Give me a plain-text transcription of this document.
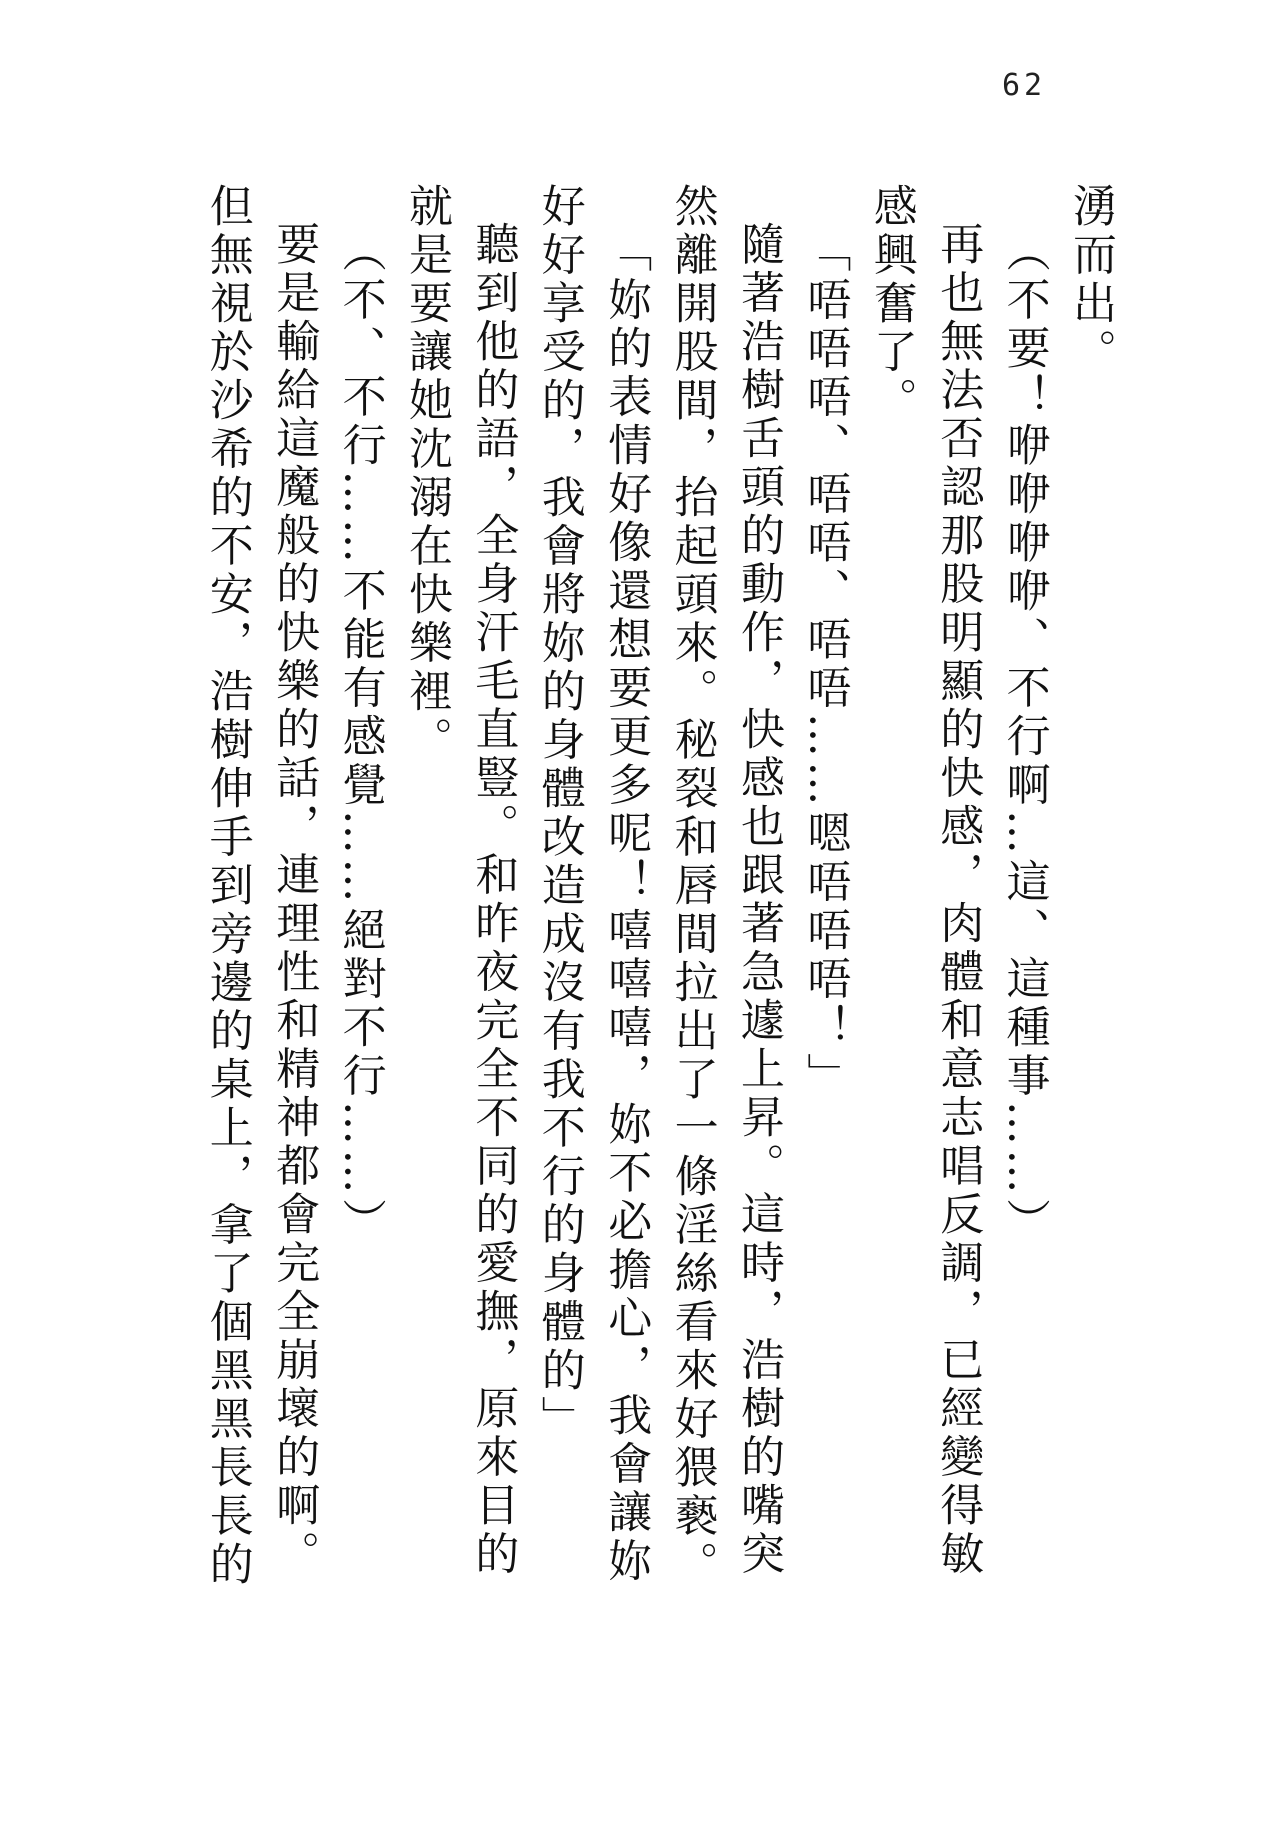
62
湧而出。
（不要！咿咿咿咿、不行啊…這、這種事……）
再也無法否認那股明顯的快感，肉體和意志唱反調，已經變得敏
感興奮了。
「唔唔唔、唔唔、唔唔……嗯唔唔唔！」
隨著浩樹舌頭的動作，快感也跟著急遽上昇。這時，浩樹的嘴突
然離開股間，抬起頭來。秘裂和唇間拉出了一條淫絲看來好猥褻。
「妳的表情好像還想要更多呢！嘻嘻嘻，妳不必擔心，我會讓妳
好好享受的，我會將妳的身體改造成沒有我不行的身體的」
聽到他的語，全身汗毛直豎。和昨夜完全不同的愛撫，原來目的
就是要讓她沈溺在快樂裡。
（不、不行……不能有感覺……絕對不行……）
要是輸給這魔般的快樂的話，連理性和精神都會完全崩壞的啊。
但無視於沙希的不安，浩樹伸手到旁邊的桌上，拿了個黑黑長長的
